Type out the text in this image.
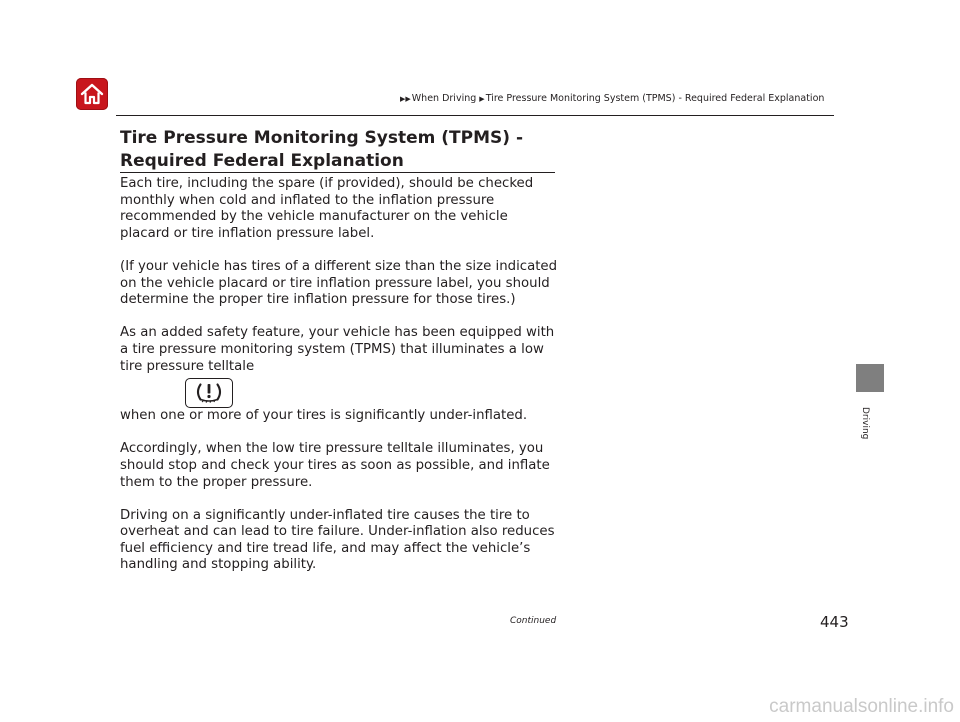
▶▶When Driving ▶Tire Pressure Monitoring System (TPMS) - Required Federal Explanation
Tire Pressure Monitoring System (TPMS) - Required Federal Explanation

Each tire, including the spare (if provided), should be checked monthly when cold and inflated to the inflation pressure recommended by the vehicle manufacturer on the vehicle placard or tire inflation pressure label.

(If your vehicle has tires of a different size than the size indicated on the vehicle placard or tire inflation pressure label, you should determine the proper tire inflation pressure for those tires.)

As an added safety feature, your vehicle has been equipped with a tire pressure monitoring system (TPMS) that illuminates a low tire pressure telltale

when one or more of your tires is significantly under-inflated.

Accordingly, when the low tire pressure telltale illuminates, you should stop and check your tires as soon as possible, and inflate them to the proper pressure.

Driving on a significantly under-inflated tire causes the tire to overheat and can lead to tire failure. Under-inflation also reduces fuel efficiency and tire tread life, and may affect the vehicle’s handling and stopping ability.

Driving
Continued	443
carmanualsonline.info
